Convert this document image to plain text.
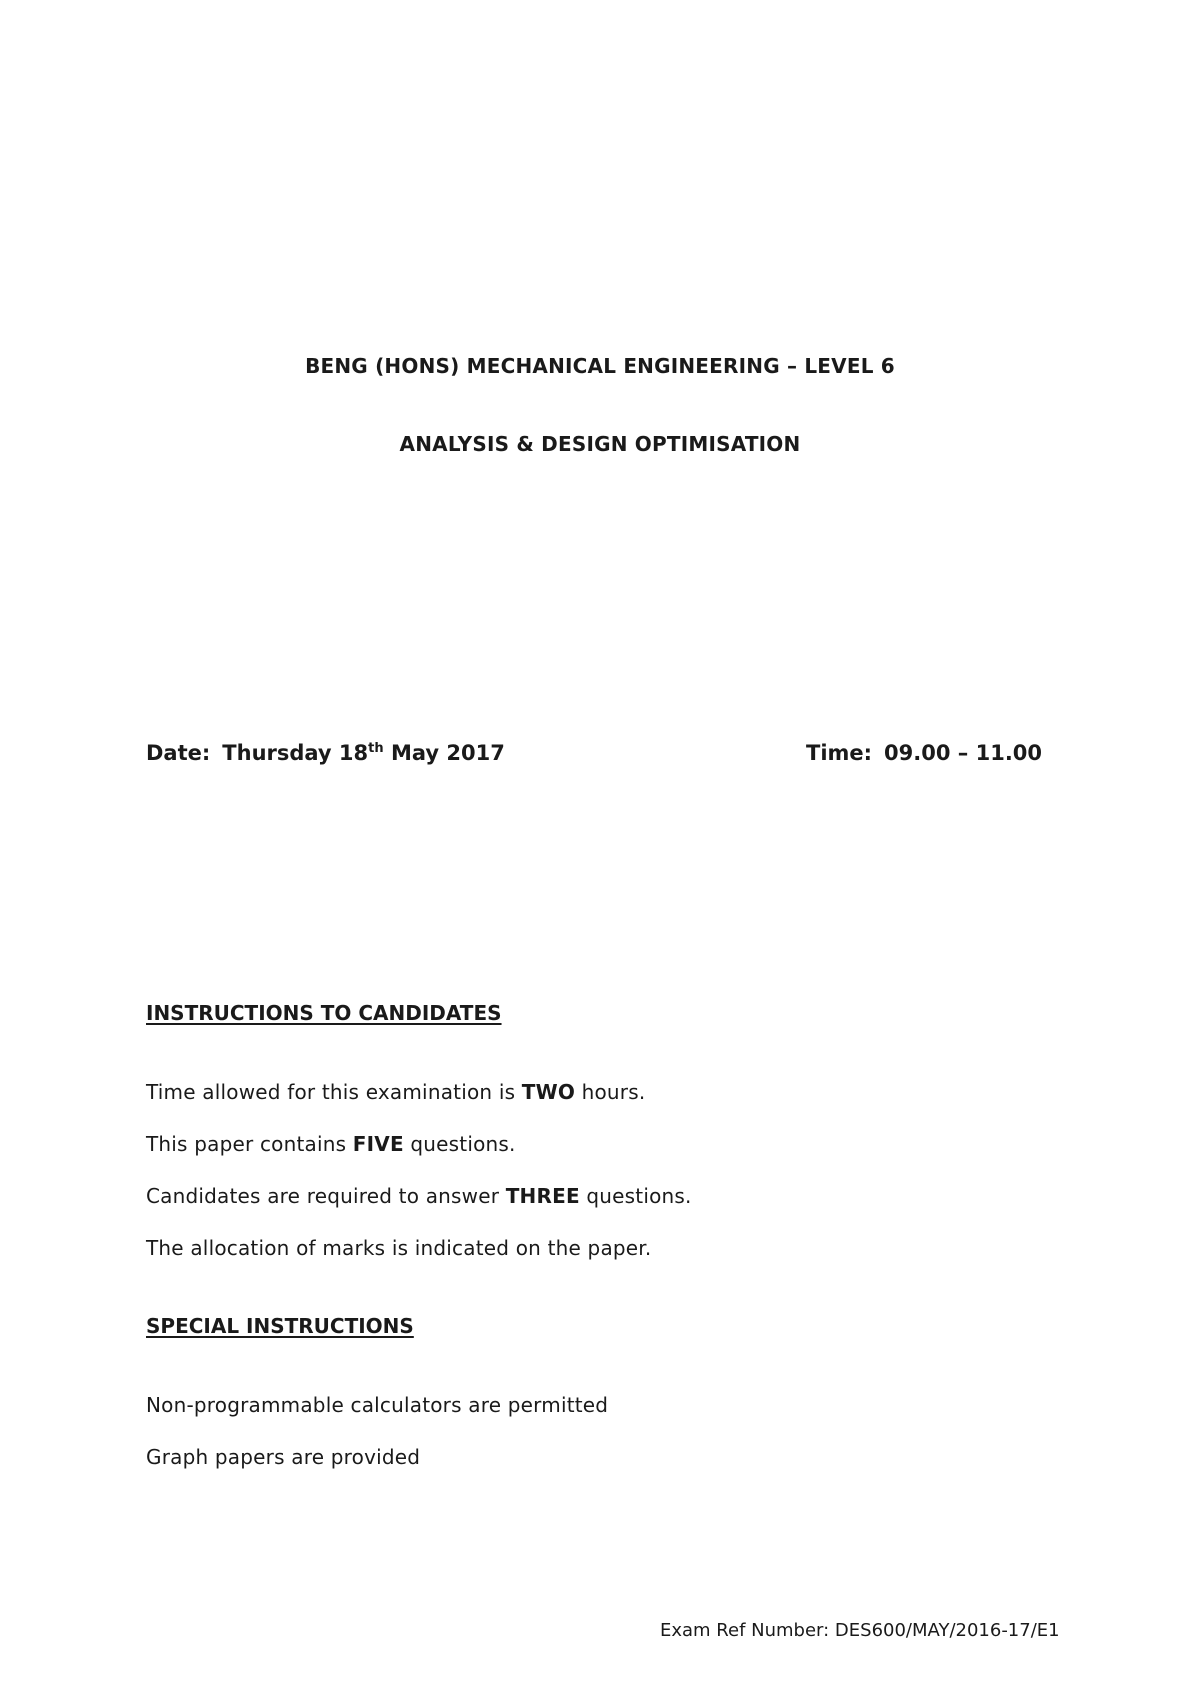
BENG (HONS) MECHANICAL ENGINEERING – LEVEL 6
ANALYSIS & DESIGN OPTIMISATION
Date: Thursday 18th May 2017	Time: 09.00 – 11.00
INSTRUCTIONS TO CANDIDATES
Time allowed for this examination is TWO hours.
This paper contains FIVE questions.
Candidates are required to answer THREE questions.
The allocation of marks is indicated on the paper.
SPECIAL INSTRUCTIONS
Non-programmable calculators are permitted
Graph papers are provided
Exam Ref Number: DES600/MAY/2016-17/E1
